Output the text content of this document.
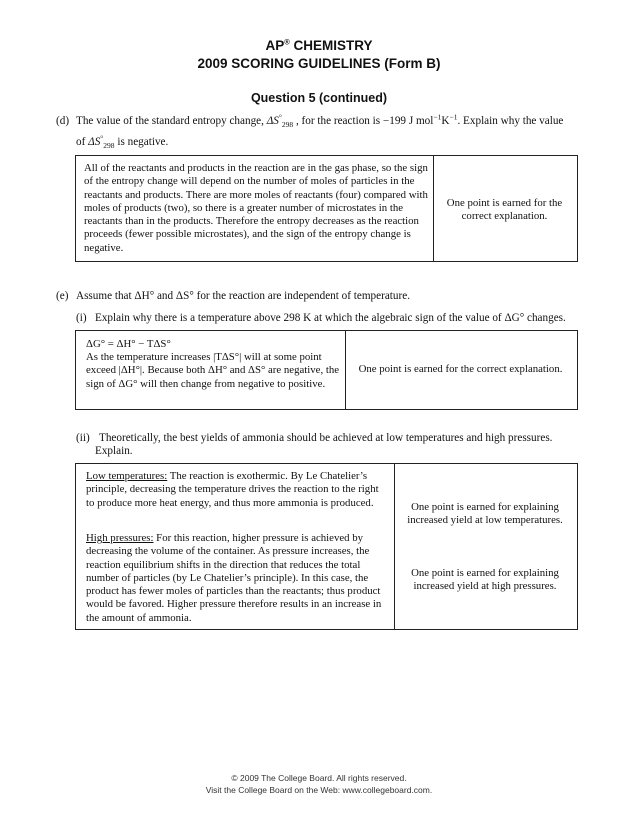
AP® CHEMISTRY
2009 SCORING GUIDELINES (Form B)
Question 5 (continued)
(d) The value of the standard entropy change, $\Delta S^\circ_{298}$ , for the reaction is −199 J $mol^{-1}K^{-1}$. Explain why the value
of $\Delta S^\circ_{298}$ is negative.
All of the reactants and products in the reaction are in the gas phase, so the sign of the entropy change will depend on the number of moles of particles in the reactants and products. There are more moles of reactants (four) compared with moles of products (two), so there is a greater number of microstates in the reactants than in the products. Therefore the entropy decreases as the reaction proceeds (fewer possible microstates), and the sign of the entropy change is negative.
One point is earned for the correct explanation.
(e) Assume that ΔH° and ΔS° for the reaction are independent of temperature.
(i) Explain why there is a temperature above 298 K at which the algebraic sign of the value of ΔG° changes.
ΔG° = ΔH° − TΔS°
As the temperature increases |TΔS°| will at some point exceed |ΔH°|. Because both ΔH° and ΔS° are negative, the sign of ΔG° will then change from negative to positive.
One point is earned for the correct explanation.
(ii) Theoretically, the best yields of ammonia should be achieved at low temperatures and high pressures.
Explain.
Low temperatures: The reaction is exothermic. By Le Chatelier’s principle, decreasing the temperature drives the reaction to the right to produce more heat energy, and thus more ammonia is produced.
High pressures: For this reaction, higher pressure is achieved by decreasing the volume of the container. As pressure increases, the reaction equilibrium shifts in the direction that reduces the total number of particles (by Le Chatelier’s principle). In this case, the product has fewer moles of particles than the reactants; thus product would be favored. Higher pressure therefore results in an increase in the amount of ammonia.
One point is earned for explaining increased yield at low temperatures.
One point is earned for explaining increased yield at high pressures.
© 2009 The College Board. All rights reserved.
Visit the College Board on the Web: www.collegeboard.com.
